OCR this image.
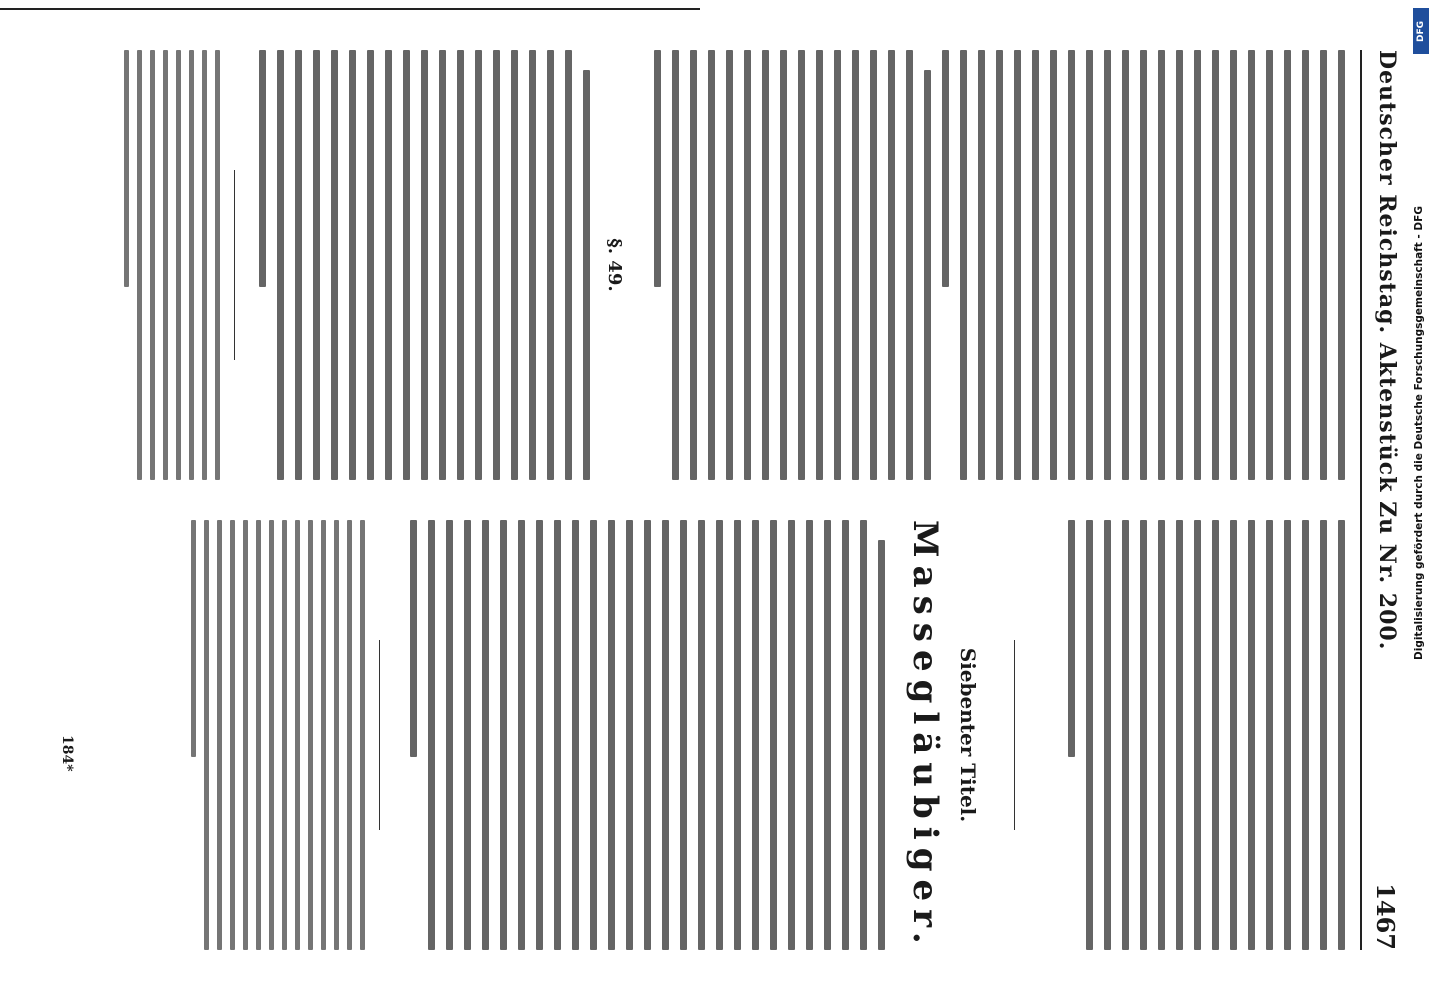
Deutscher Reichstag. Aktenstück Zu Nr. 200.
1467
§. 49.
Siebenter Titel.
Massegläubiger.
184*
DFG
Digitalisierung gefördert durch die Deutsche Forschungsgemeinschaft - DFG
